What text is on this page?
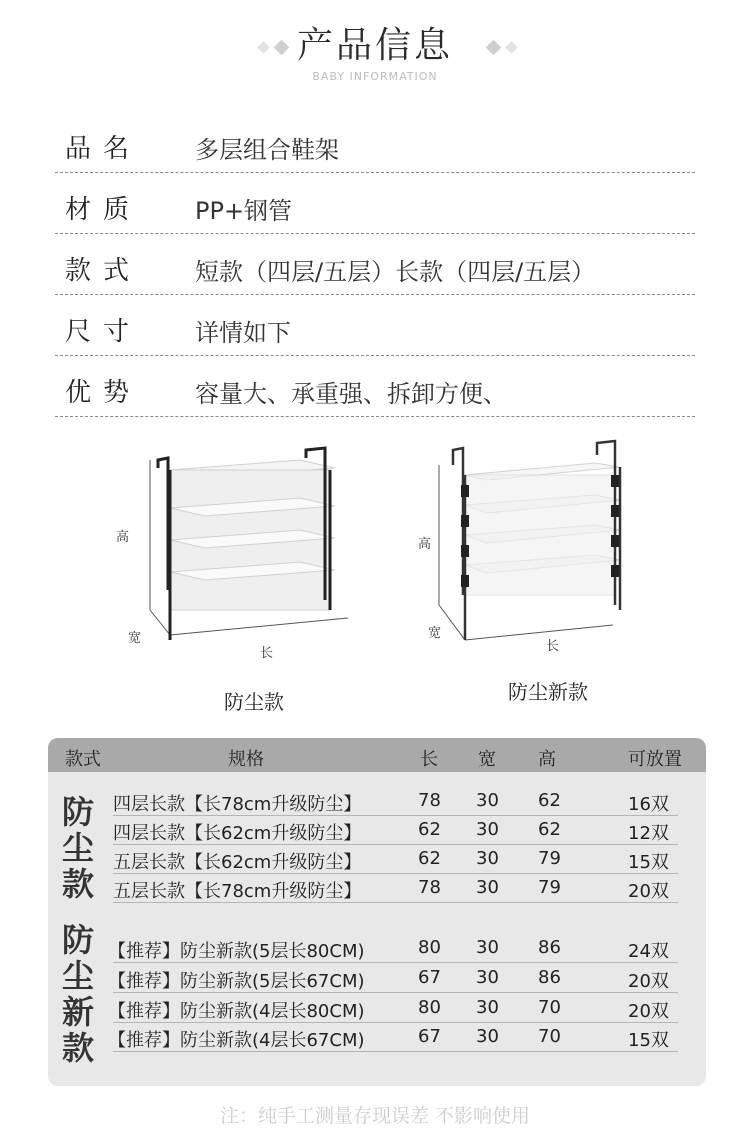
产品信息
BABY INFORMATION
品名 多层组合鞋架
材质 PP+钢管
款式 短款（四层/五层）长款（四层/五层）
尺寸 详情如下
优势 容量大、承重强、拆卸方便、
高
宽
长
防尘款
高
宽
长
防尘新款
款式	规格	长 宽 高	可放置
防尘款
四层长款【长78cm升级防尘】	78 30 62	16双
四层长款【长62cm升级防尘】	62 30 62	12双
五层长款【长62cm升级防尘】	62 30 79	15双
五层长款【长78cm升级防尘】	78 30 79	20双
防尘新款
【推荐】防尘新款(5层长80CM)	80 30 86	24双
【推荐】防尘新款(5层长67CM)	67 30 86	20双
【推荐】防尘新款(4层长80CM)	80 30 70	20双
【推荐】防尘新款(4层长67CM)	67 30 70	15双
注：纯手工测量存现误差 不影响使用
